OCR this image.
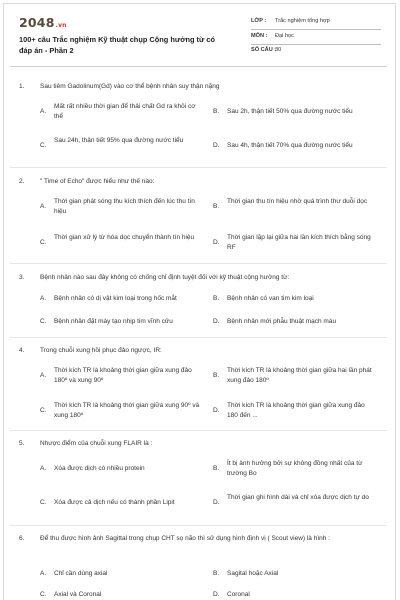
2048.vn
100+ câu Trắc nghiệm Kỹ thuật chụp Cộng hưởng từ có đáp án - Phần 2
LỚP : Trắc nghiệm tổng hợp
MÔN : Đại học
SỐ CÂU :
30
1. Sau tiêm Gadolinum(Gd) vào cơ thể bệnh nhân suy thận nặng
A.
Mất rất nhiều thời gian để thải chất Gd ra khỏi cơ thể
B. Sau 2h, thận tiết 50% qua đường nước tiểu
C.
Sau 24h, thận tiết 95% qua đường nước tiểu
D. Sau 4h, thận tiết 70% qua đường nước tiểu
2. " Time of Echo" được hiểu như thế nào:
A.
Thời gian phát sóng thu kích thích đến lúc thu tín hiệu
B.
Thời gian thu tín hiệu nhờ quá trình thư duỗi dọc
C.
Thời gian xử lý từ hóa dọc chuyển thành tín hiệu
D.
Thời gian lặp lại giữa hai lần kích thích bằng sóng RF
3. Bệnh nhân nào sau đây không có chống chỉ định tuyệt đối với kỹ thuật cộng hưởng từ:
A. Bệnh nhân có dị vật kim loại trong hốc mắt	B. Bệnh nhân có van tim kim loại
C. Bệnh nhân đặt máy tạo nhịp tim vĩnh cửu	D. Bệnh nhân mới phẫu thuật mạch máu
4. Trong chuỗi xung hồi phục đảo ngược, IR:
A.
Thời kích TR là khoảng thời gian giữa xung đảo 180º và xung 90º
B.
Thời kích TR là khoảng thời gian giữa hai lần phát xung đảo 180º
C.
Thời kích TR là khoảng thời gian giữa xung 90º và xung 180º
D.
Thời kích TR là khoảng thời gian giữa xung đảo 180 đến ...
5. Nhược điểm của chuỗi xung FLAIR là :
A. Xóa được dịch có nhiều protein	B.
Ít bị ảnh hưởng bởi sự không đồng nhất của từ trường Bo
C. Xóa được cả dịch nếu có thành phần Lipit	D.
Thời gian ghi hình dài và chỉ xóa được dịch tự do
6. Để thu được hình ảnh Sagittal trong chụp CHT sọ não thì sử dụng hình định vị ( Scout view) là hình :
A. Chỉ cần dùng axial	B. Sagital hoặc Axial
C. Axial và Coronal	D. Coronal
